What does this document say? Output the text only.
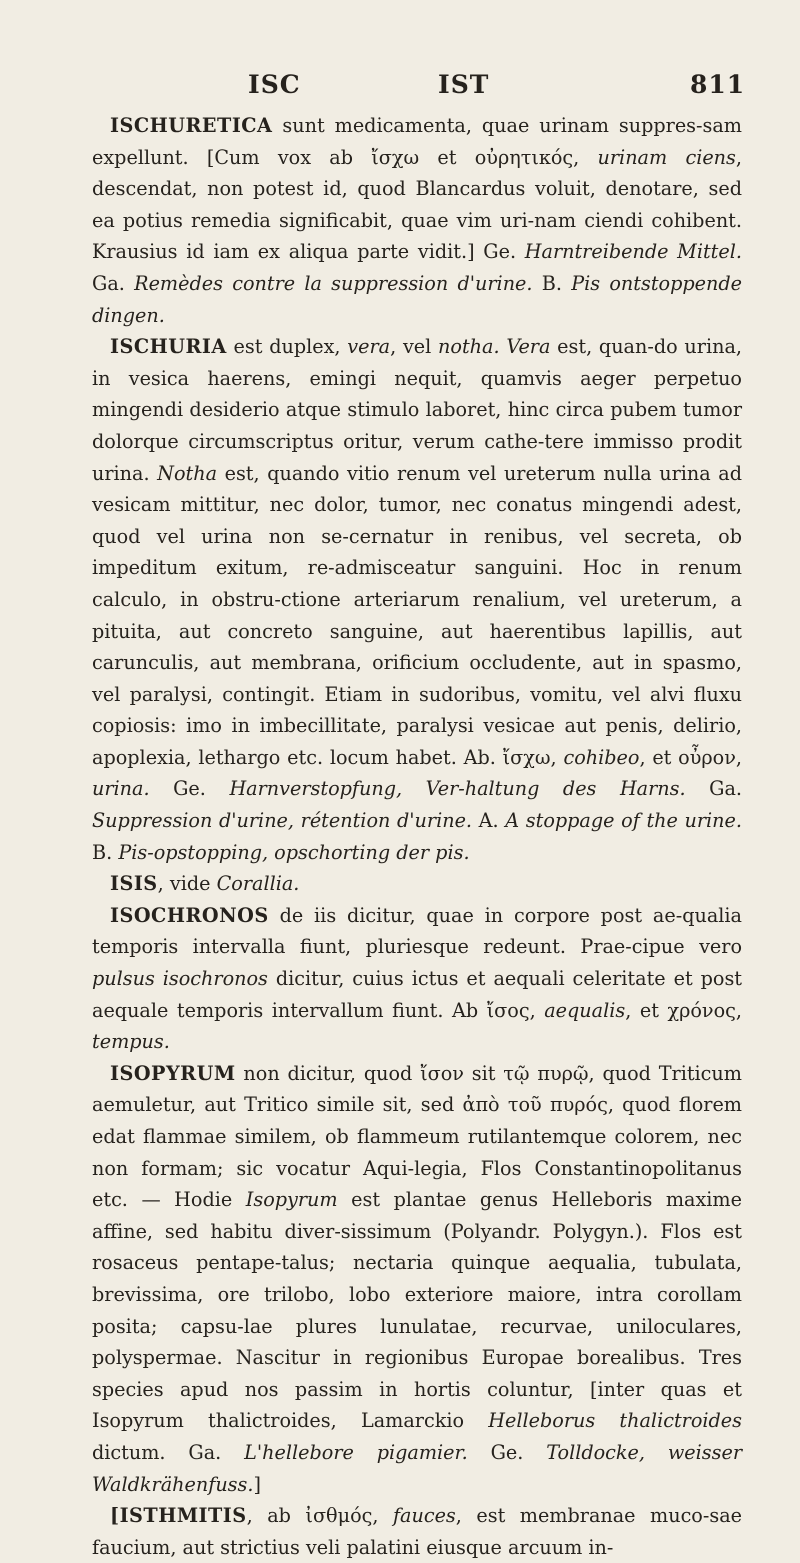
ISC	IST	811

ISCHURETICA sunt medicamenta, quae urinam suppres-sam expellunt. [Cum vox ab ἴσχω et οὐρητικός, urinam ciens, descendat, non potest id, quod Blancardus voluit, denotare, sed ea potius remedia significabit, quae vim uri-nam ciendi cohibent. Krausius id iam ex aliqua parte vidit.] Ge. Harntreibende Mittel. Ga. Remèdes contre la suppression d'urine. B. Pis ontstoppende dingen.

ISCHURIA est duplex, vera, vel notha. Vera est, quan-do urina, in vesica haerens, emingi nequit, quamvis aeger perpetuo mingendi desiderio atque stimulo laboret, hinc circa pubem tumor dolorque circumscriptus oritur, verum cathe-tere immisso prodit urina. Notha est, quando vitio renum vel ureterum nulla urina ad vesicam mittitur, nec dolor, tumor, nec conatus mingendi adest, quod vel urina non se-cernatur in renibus, vel secreta, ob impeditum exitum, re-admisceatur sanguini. Hoc in renum calculo, in obstru-ctione arteriarum renalium, vel ureterum, a pituita, aut concreto sanguine, aut haerentibus lapillis, aut carunculis, aut membrana, orificium occludente, aut in spasmo, vel paralysi, contingit. Etiam in sudoribus, vomitu, vel alvi fluxu copiosis: imo in imbecillitate, paralysi vesicae aut penis, delirio, apoplexia, lethargo etc. locum habet. Ab. ἴσχω, cohibeo, et οὖρον, urina. Ge. Harnverstopfung, Ver-haltung des Harns. Ga. Suppression d'urine, rétention d'urine. A. A stoppage of the urine. B. Pis-opstopping, opschorting der pis.

ISIS, vide Corallia.

ISOCHRONOS de iis dicitur, quae in corpore post ae-qualia temporis intervalla fiunt, pluriesque redeunt. Prae-cipue vero pulsus isochronos dicitur, cuius ictus et aequali celeritate et post aequale temporis intervallum fiunt. Ab ἴσος, aequalis, et χρόνος, tempus.

ISOPYRUM non dicitur, quod ἴσον sit τῷ πυρῷ, quod Triticum aemuletur, aut Tritico simile sit, sed ἀπὸ τοῦ πυρός, quod florem edat flammae similem, ob flammeum rutilantemque colorem, nec non formam; sic vocatur Aqui-legia, Flos Constantinopolitanus etc. — Hodie Isopyrum est plantae genus Helleboris maxime affine, sed habitu diver-sissimum (Polyandr. Polygyn.). Flos est rosaceus pentape-talus; nectaria quinque aequalia, tubulata, brevissima, ore trilobo, lobo exteriore maiore, intra corollam posita; capsu-lae plures lunulatae, recurvae, uniloculares, polyspermae. Nascitur in regionibus Europae borealibus. Tres species apud nos passim in hortis coluntur, [inter quas et Isopyrum thalictroides, Lamarckio Helleborus thalictroides dictum. Ga. L'hellebore pigamier. Ge. Tolldocke, weisser Waldkrähenfuss.]

[ISTHMITIS, ab ἰσθμός, fauces, est membranae muco-sae faucium, aut strictius veli palatini eiusque arcuum in-
